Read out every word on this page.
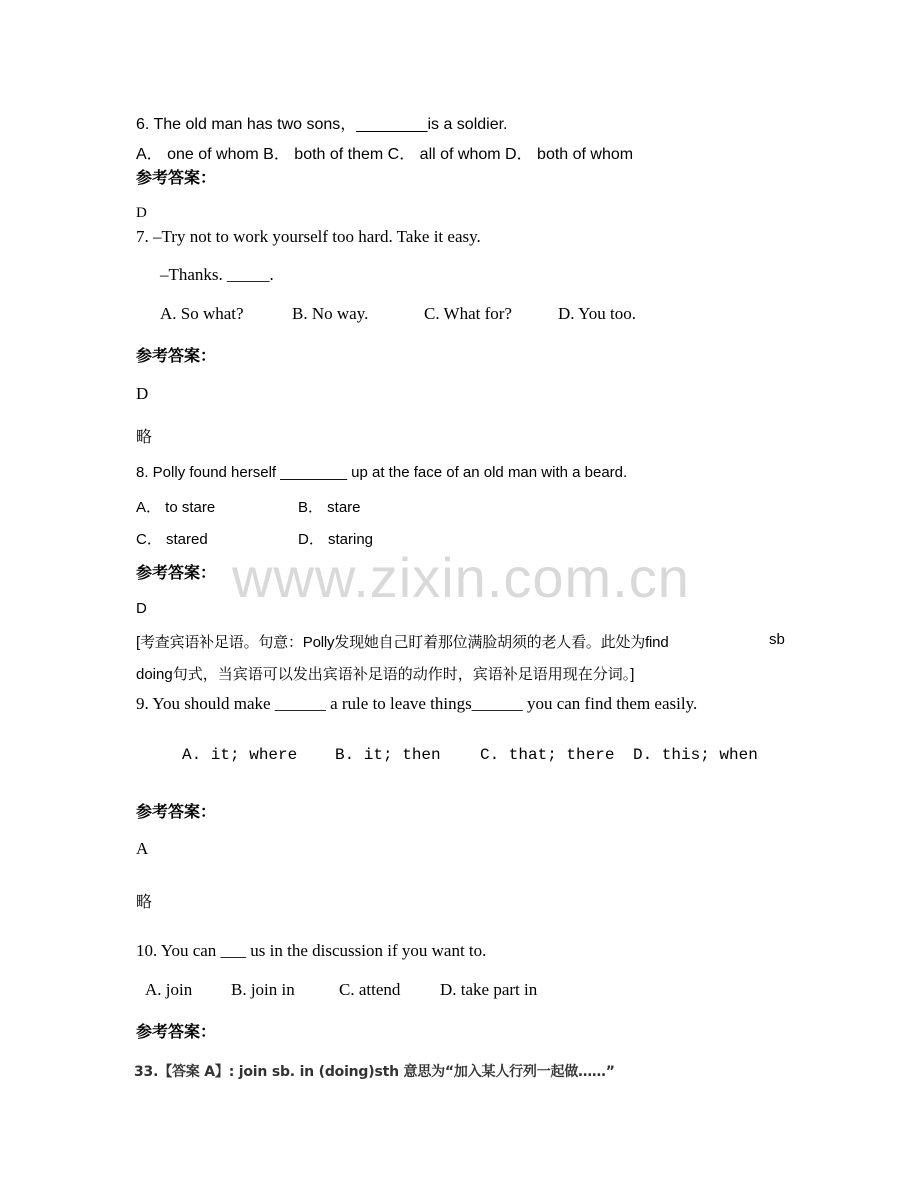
www.zixin.com.cn
6. The old man has two sons，________is a soldier.
A． one of whom B． both of them C． all of whom D． both of whom
参考答案：
D
7. –Try not to work yourself too hard. Take it easy.
–Thanks. _____.
A. So what?	B. No way.	C. What for?	D. You too.
参考答案：
D
略
8. Polly found herself ________ up at the face of an old man with a beard.
A． to stare	B． stare
C． stared	D． staring
参考答案：
D
[考查宾语补足语。句意：Polly发现她自己盯着那位满脸胡须的老人看。此处为find	sb
doing句式，当宾语可以发出宾语补足语的动作时，宾语补足语用现在分词。]
9. You should make ______ a rule to leave things______ you can find them easily.
A. it; where B. it; then C. that; there D. this; when
参考答案：
A
略
10. You can ___ us in the discussion if you want to.
A. join B. join in	C. attend D. take part in
参考答案：
33.【答案 A】: join sb. in (doing)sth 意思为“加入某人行列一起做……”
